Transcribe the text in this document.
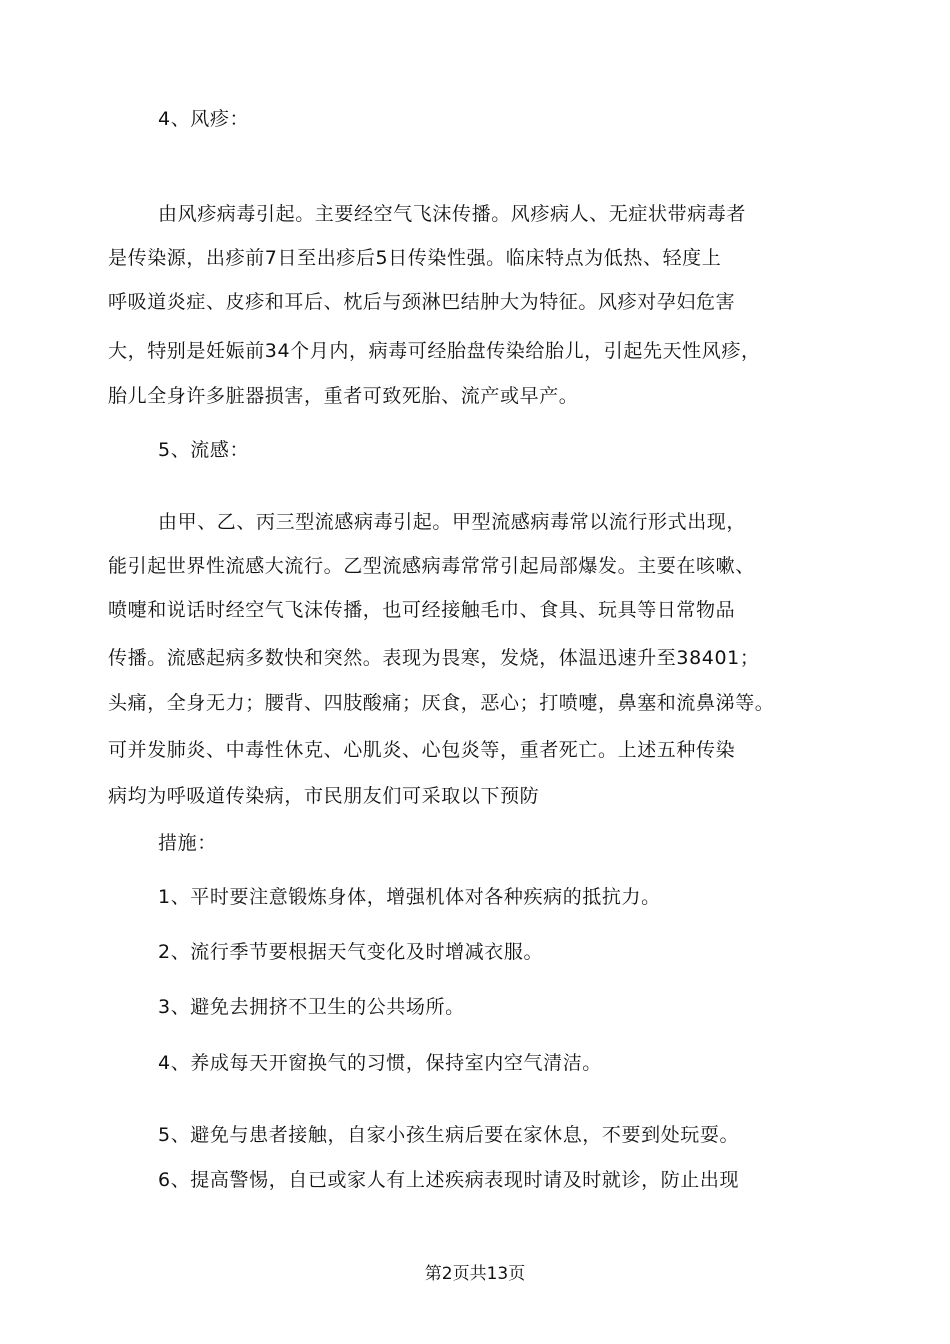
4、风疹：
由风疹病毒引起。主要经空气飞沫传播。风疹病人、无症状带病毒者
是传染源，出疹前7日至出疹后5日传染性强。临床特点为低热、轻度上
呼吸道炎症、皮疹和耳后、枕后与颈淋巴结肿大为特征。风疹对孕妇危害
大，特别是妊娠前34个月内，病毒可经胎盘传染给胎儿，引起先天性风疹，
胎儿全身许多脏器损害，重者可致死胎、流产或早产。
5、流感：
由甲、乙、丙三型流感病毒引起。甲型流感病毒常以流行形式出现，
能引起世界性流感大流行。乙型流感病毒常常引起局部爆发。主要在咳嗽、
喷嚏和说话时经空气飞沫传播，也可经接触毛巾、食具、玩具等日常物品
传播。流感起病多数快和突然。表现为畏寒，发烧，体温迅速升至38401；
头痛，全身无力；腰背、四肢酸痛；厌食，恶心；打喷嚏，鼻塞和流鼻涕等。
可并发肺炎、中毒性休克、心肌炎、心包炎等，重者死亡。上述五种传染
病均为呼吸道传染病，市民朋友们可采取以下预防
措施：
1、平时要注意锻炼身体，增强机体对各种疾病的抵抗力。
2、流行季节要根据天气变化及时增减衣服。
3、避免去拥挤不卫生的公共场所。
4、养成每天开窗换气的习惯，保持室内空气清洁。
5、避免与患者接触，自家小孩生病后要在家休息，不要到处玩耍。
6、提高警惕，自已或家人有上述疾病表现时请及时就诊，防止出现
第2页共13页
